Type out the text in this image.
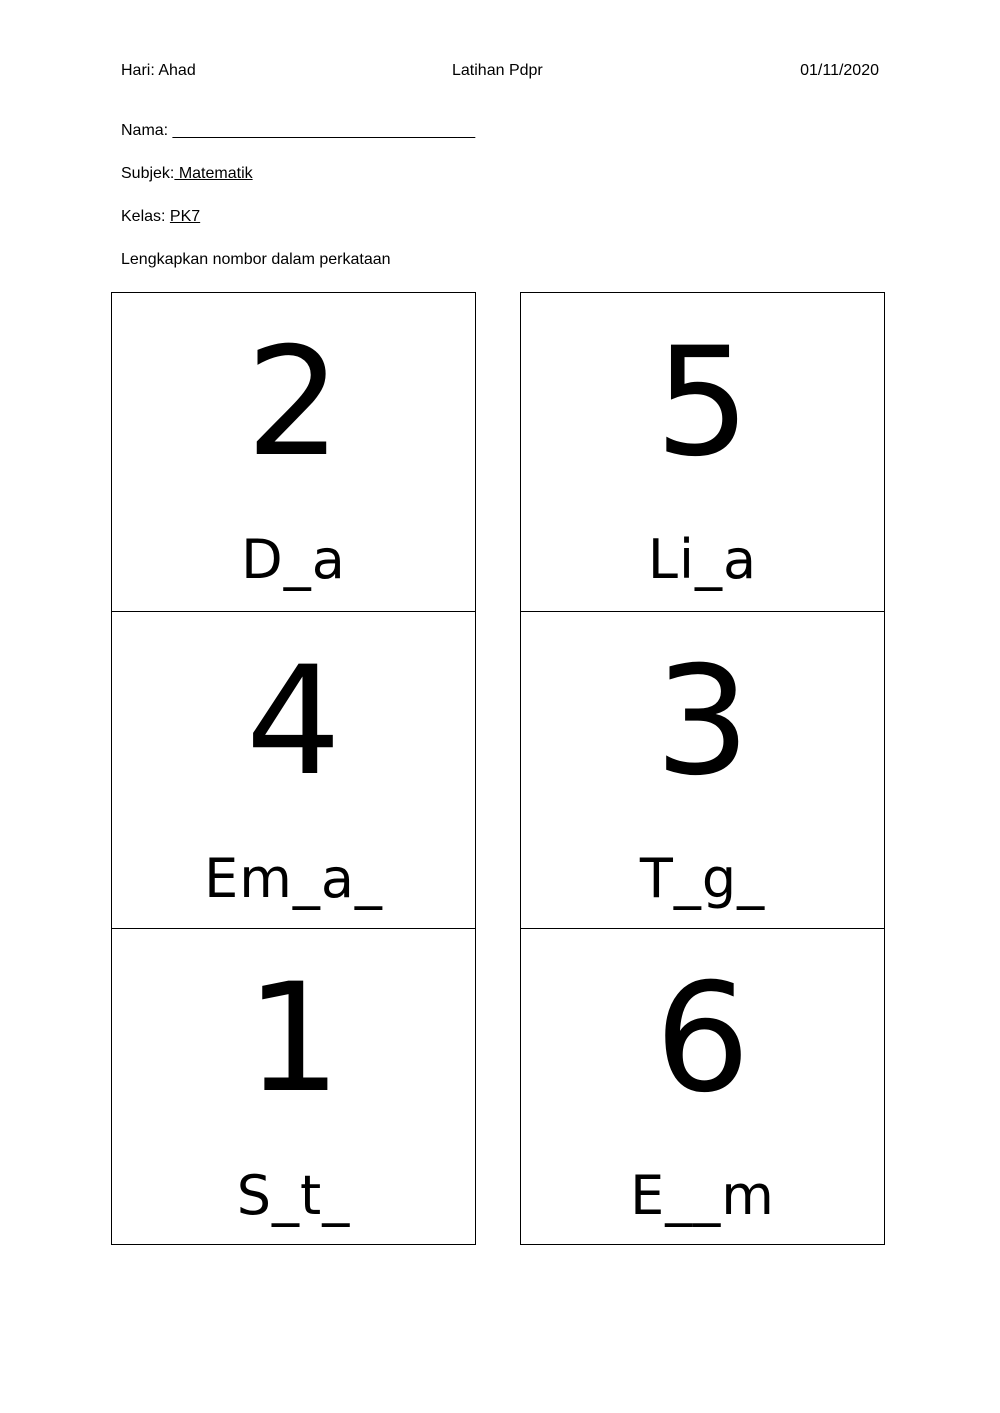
Hari: Ahad	Latihan Pdpr	01/11/2020
Nama: __________________________________
Subjek: Matematik
Kelas: PK7
Lengkapkan nombor dalam perkataan
2
D_a
4
Em_a_
1
S_t_
5
Li_a
3
T_g_
6
E__m
